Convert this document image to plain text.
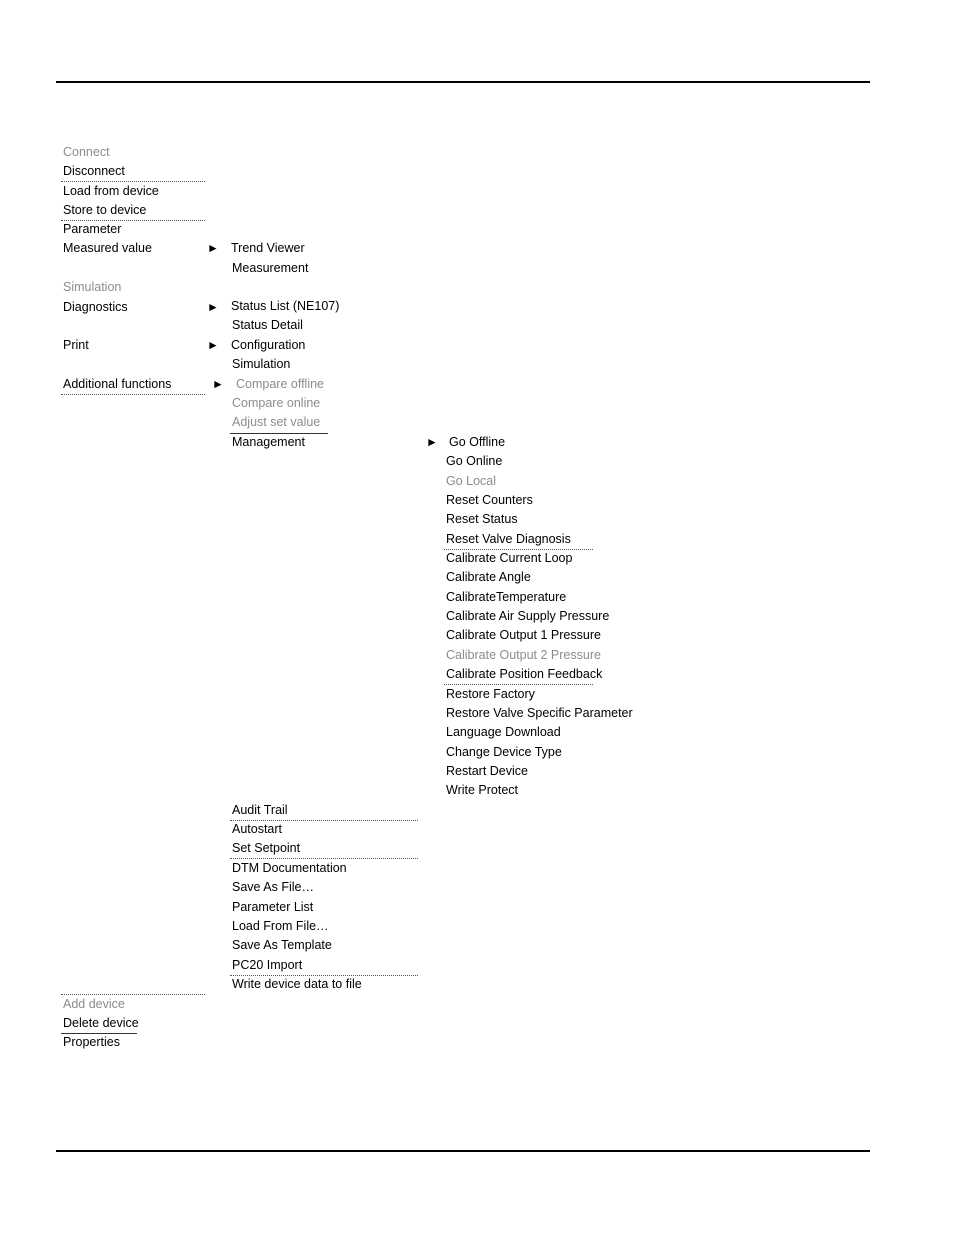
Connect
Disconnect
Load from device
Store to device
Parameter
Measured value
Simulation
Diagnostics
Print
Additional functions
Add device
Delete device
Properties
►
►
►
►
►
Trend Viewer
Measurement
Status List (NE107)
Status Detail
Configuration
Simulation
Compare offline
Compare online
Adjust set value
Management
Audit Trail
Autostart
Set Setpoint
DTM Documentation
Save As File…
Parameter List
Load From File…
Save As Template
PC20 Import
Write device data to file
Go Offline
Go Online
Go Local
Reset Counters
Reset Status
Reset Valve Diagnosis
Calibrate Current Loop
Calibrate Angle
CalibrateTemperature
Calibrate Air Supply Pressure
Calibrate Output 1 Pressure
Calibrate Output 2 Pressure
Calibrate Position Feedback
Restore Factory
Restore Valve Specific Parameter
Language Download
Change Device Type
Restart Device
Write Protect
